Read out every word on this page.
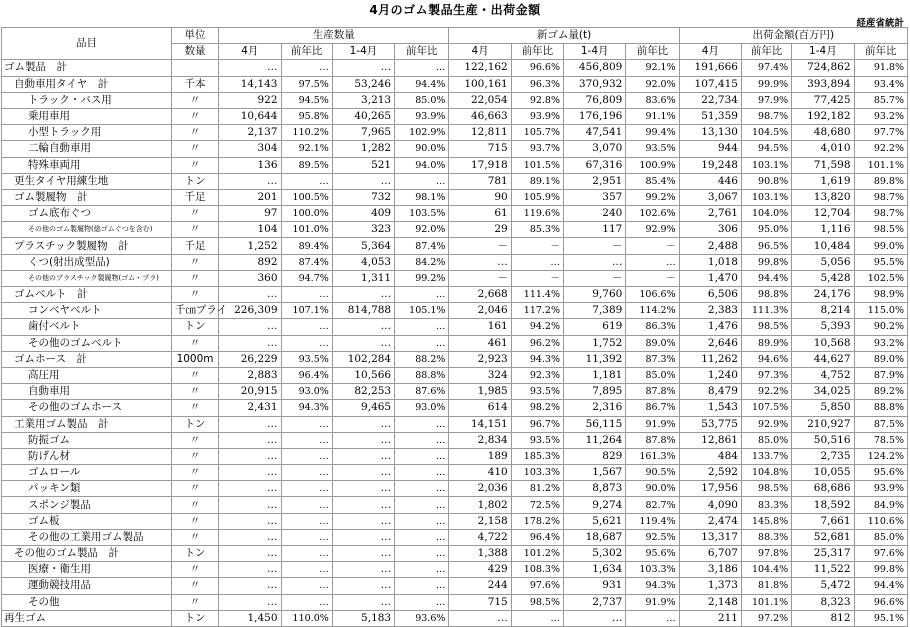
4月のゴム製品生産・出荷金額
経産省統計
品目	単位	生産数量				新ゴム量(t)				出荷金額(百万円)			
	数量	4月	前年比	1-4月	前年比	4月	前年比	1-4月	前年比	4月	前年比	1-4月	前年比
ゴム製品　計		…	…	…	…	122,162	96.6%	456,809	92.1%	191,666	97.4%	724,862	91.8%
自動車用タイヤ　計	千本	14,143	97.5%	53,246	94.4%	100,161	96.3%	370,932	92.0%	107,415	99.9%	393,894	93.4%
トラック・バス用	〃	922	94.5%	3,213	85.0%	22,054	92.8%	76,809	83.6%	22,734	97.9%	77,425	85.7%
乗用車用	〃	10,644	95.8%	40,265	93.9%	46,663	93.9%	176,196	91.1%	51,359	98.7%	192,182	93.2%
小型トラック用	〃	2,137	110.2%	7,965	102.9%	12,811	105.7%	47,541	99.4%	13,130	104.5%	48,680	97.7%
二輪自動車用	〃	304	92.1%	1,282	90.0%	715	93.7%	3,070	93.5%	944	94.5%	4,010	92.2%
特殊車両用	〃	136	89.5%	521	94.0%	17,918	101.5%	67,316	100.9%	19,248	103.1%	71,598	101.1%
更生タイヤ用練生地	トン	…	…	…	…	781	89.1%	2,951	85.4%	446	90.8%	1,619	89.8%
ゴム製履物　計	千足	201	100.5%	732	98.1%	90	105.9%	357	99.2%	3,067	103.1%	13,820	98.7%
ゴム底布ぐつ	〃	97	100.0%	409	103.5%	61	119.6%	240	102.6%	2,761	104.0%	12,704	98.7%
その他のゴム製履物(総ゴムぐつを含む)	〃	104	101.0%	323	92.0%	29	85.3%	117	92.9%	306	95.0%	1,116	98.5%
プラスチック製履物　計	千足	1,252	89.4%	5,364	87.4%	－	－	－	－	2,488	96.5%	10,484	99.0%
くつ(射出成型品)	〃	892	87.4%	4,053	84.2%	…	…	…	…	1,018	99.8%	5,056	95.5%
その他のプラスチック製履物(ゴム・プラ)	〃	360	94.7%	1,311	99.2%	－	－	－	－	1,470	94.4%	5,428	102.5%
ゴムベルト　計	〃	…	…	…	…	2,668	111.4%	9,760	106.6%	6,506	98.8%	24,176	98.9%
コンベヤベルト	千㎝プライ	226,309	107.1%	814,788	105.1%	2,046	117.2%	7,389	114.2%	2,383	111.3%	8,214	115.0%
歯付ベルト	トン	…	…	…	…	161	94.2%	619	86.3%	1,476	98.5%	5,393	90.2%
その他のゴムベルト	〃	…	…	…	…	461	96.2%	1,752	89.0%	2,646	89.9%	10,568	93.2%
ゴムホース　計	1000m	26,229	93.5%	102,284	88.2%	2,923	94.3%	11,392	87.3%	11,262	94.6%	44,627	89.0%
高圧用	〃	2,883	96.4%	10,566	88.8%	324	92.3%	1,181	85.0%	1,240	97.3%	4,752	87.9%
自動車用	〃	20,915	93.0%	82,253	87.6%	1,985	93.5%	7,895	87.8%	8,479	92.2%	34,025	89.2%
その他のゴムホース	〃	2,431	94.3%	9,465	93.0%	614	98.2%	2,316	86.7%	1,543	107.5%	5,850	88.8%
工業用ゴム製品　計	トン	…	…	…	…	14,151	96.7%	56,115	91.9%	53,775	92.9%	210,927	87.5%
防振ゴム	〃	…	…	…	…	2,834	93.5%	11,264	87.8%	12,861	85.0%	50,516	78.5%
防げん材	〃	…	…	…	…	189	185.3%	829	161.3%	484	133.7%	2,735	124.2%
ゴムロール	〃	…	…	…	…	410	103.3%	1,567	90.5%	2,592	104.8%	10,055	95.6%
パッキン類	〃	…	…	…	…	2,036	81.2%	8,873	90.0%	17,956	98.5%	68,686	93.9%
スポンジ製品	〃	…	…	…	…	1,802	72.5%	9,274	82.7%	4,090	83.3%	18,592	84.9%
ゴム板	〃	…	…	…	…	2,158	178.2%	5,621	119.4%	2,474	145.8%	7,661	110.6%
その他の工業用ゴム製品	〃	…	…	…	…	4,722	96.4%	18,687	92.5%	13,317	88.3%	52,681	85.0%
その他のゴム製品　計	トン	…	…	…	…	1,388	101.2%	5,302	95.6%	6,707	97.8%	25,317	97.6%
医療・衛生用	〃	…	…	…	…	429	108.3%	1,634	103.3%	3,186	104.4%	11,522	99.8%
運動競技用品	〃	…	…	…	…	244	97.6%	931	94.3%	1,373	81.8%	5,472	94.4%
その他	〃	…	…	…	…	715	98.5%	2,737	91.9%	2,148	101.1%	8,323	96.6%
再生ゴム	トン	1,450	110.0%	5,183	93.6%	…	…	…	…	211	97.2%	812	95.1%
